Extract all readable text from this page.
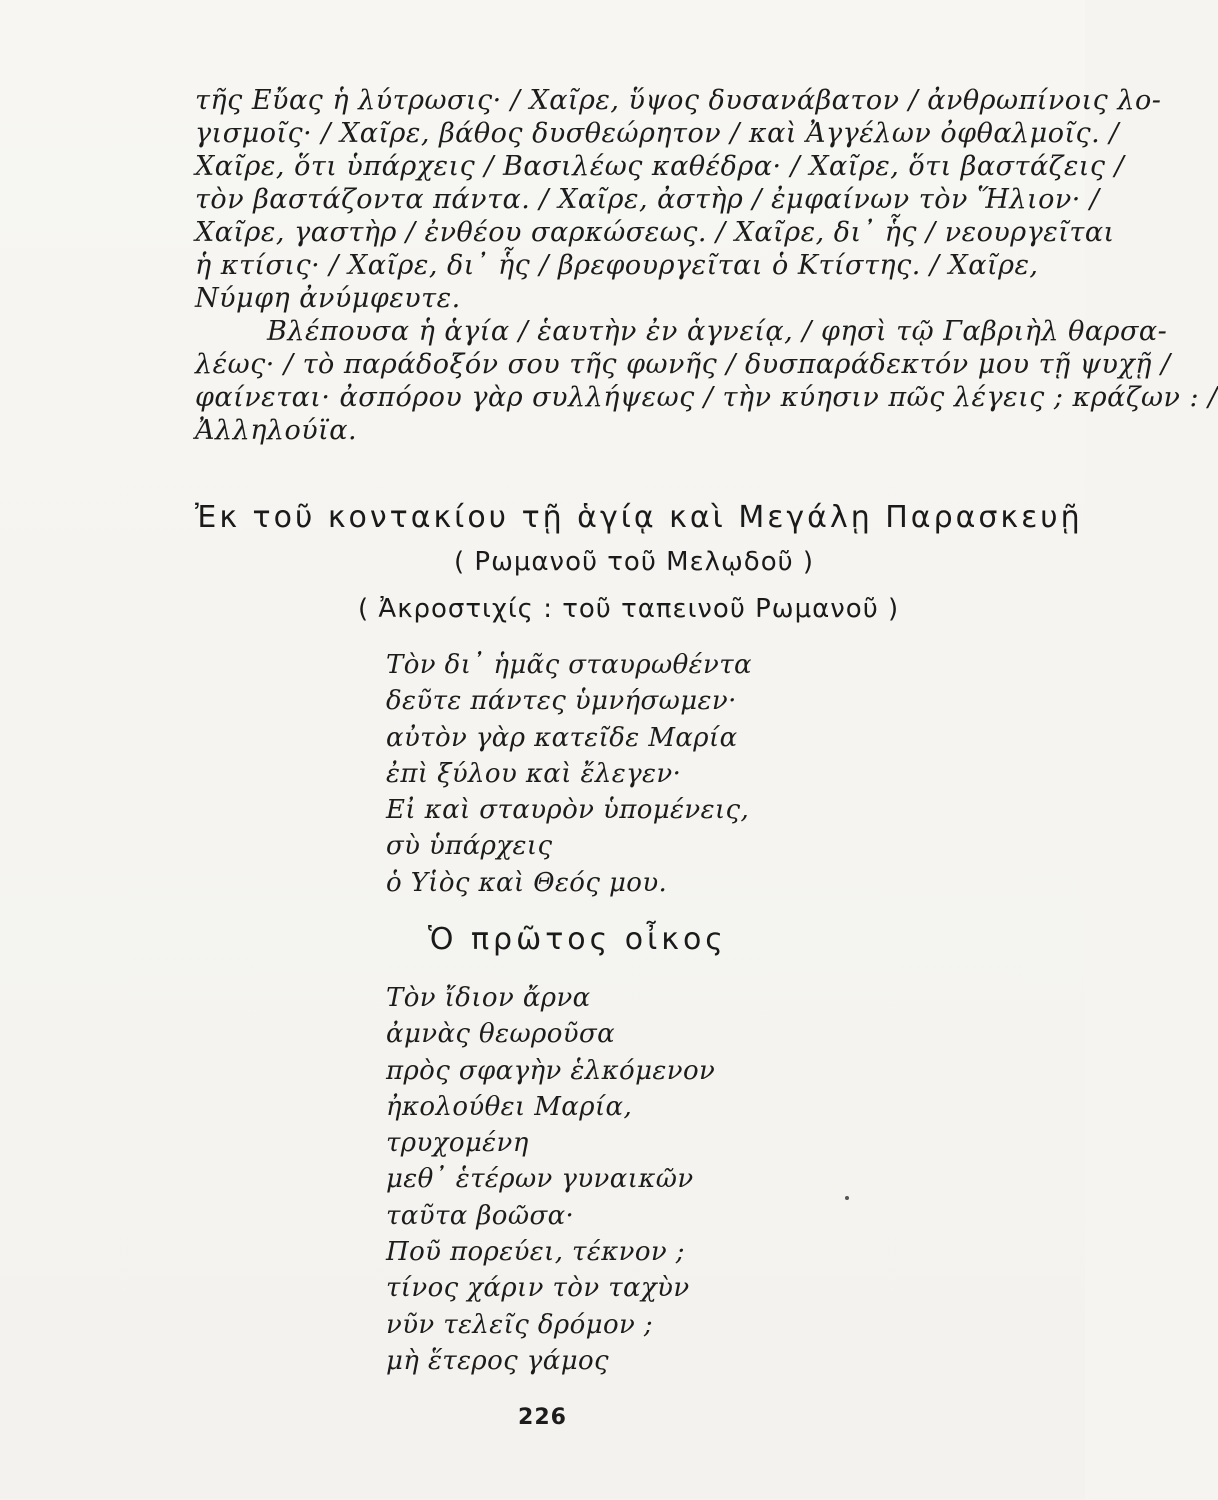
τῆς Εὔας ἡ λύτρωσις· / Χαῖρε, ὕψος δυσανάβατον / ἀνθρωπίνοις λο-
γισμοῖς· / Χαῖρε, βάθος δυσθεώρητον / καὶ Ἀγγέλων ὀφθαλμοῖς. /
Χαῖρε, ὅτι ὑπάρχεις / Βασιλέως καθέδρα· / Χαῖρε, ὅτι βαστάζεις /
τὸν βαστάζοντα πάντα. / Χαῖρε, ἀστὴρ / ἐμφαίνων τὸν Ἥλιον· /
Χαῖρε, γαστὴρ / ἐνθέου σαρκώσεως. / Χαῖρε, δι᾽ ἧς / νεουργεῖται
ἡ κτίσις· / Χαῖρε, δι᾽ ἧς / βρεφουργεῖται ὁ Κτίστης. / Χαῖρε,
Νύμφη ἀνύμφευτε.
Βλέπουσα ἡ ἁγία / ἑαυτὴν ἐν ἁγνείᾳ, / φησὶ τῷ Γαβριὴλ θαρσα-
λέως· / τὸ παράδοξόν σου τῆς φωνῆς / δυσπαράδεκτόν μου τῇ ψυχῇ /
φαίνεται· ἀσπόρου γὰρ συλλήψεως / τὴν κύησιν πῶς λέγεις ; κράζων : /
Ἀλληλούϊα.
Ἐκ τοῦ κοντακίου τῇ ἁγίᾳ καὶ Μεγάλῃ Παρασκευῇ
( Ρωμανοῦ τοῦ Μελῳδοῦ )
( Ἀκροστιχίς : τοῦ ταπεινοῦ Ρωμανοῦ )
Τὸν δι᾽ ἡμᾶς σταυρωθέντα
δεῦτε πάντες ὑμνήσωμεν·
αὐτὸν γὰρ κατεῖδε Μαρία
ἐπὶ ξύλου καὶ ἔλεγεν·
Εἰ καὶ σταυρὸν ὑπομένεις,
σὺ ὑπάρχεις
ὁ Υἱὸς καὶ Θεός μου.
Ὁ πρῶτος οἶκος
Τὸν ἴδιον ἄρνα
ἀμνὰς θεωροῦσα
πρὸς σφαγὴν ἑλκόμενον
ἠκολούθει Μαρία,
τρυχομένη
μεθ᾽ ἑτέρων γυναικῶν
ταῦτα βοῶσα·
Ποῦ πορεύει, τέκνον ;
τίνος χάριν τὸν ταχὺν
νῦν τελεῖς δρόμον ;
μὴ ἕτερος γάμος
226
